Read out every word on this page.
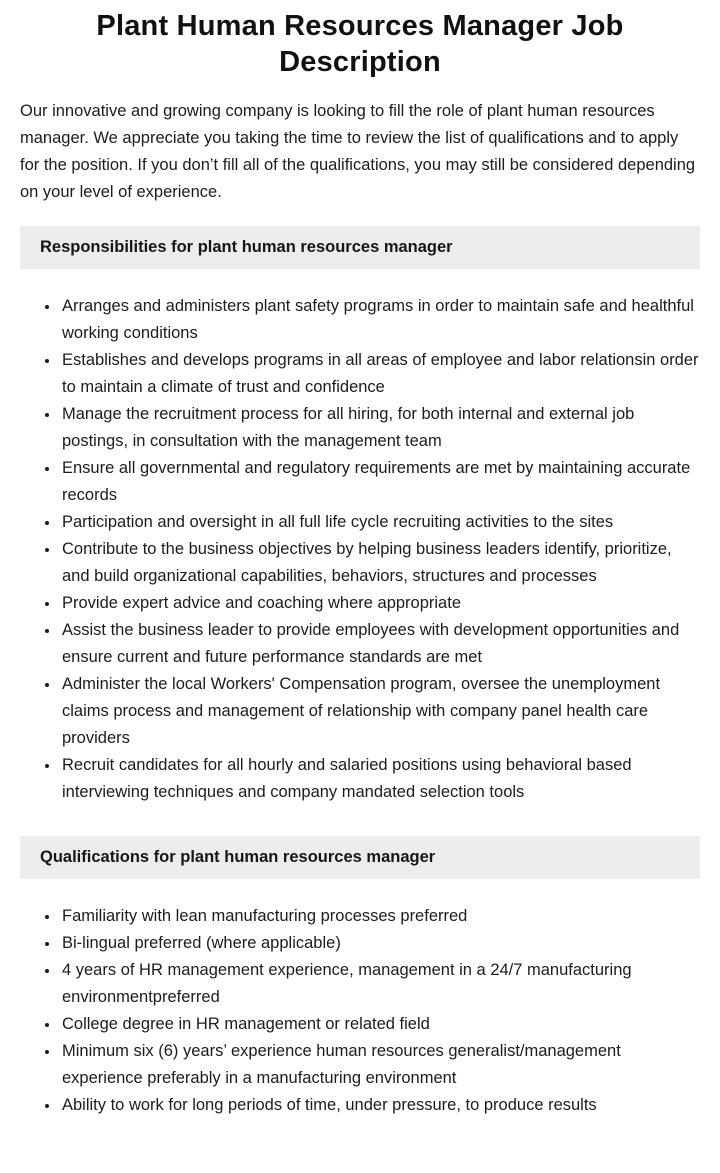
Plant Human Resources Manager Job Description

Our innovative and growing company is looking to fill the role of plant human resources manager. We appreciate you taking the time to review the list of qualifications and to apply for the position. If you don’t fill all of the qualifications, you may still be considered depending on your level of experience.

Responsibilities for plant human resources manager
• Arranges and administers plant safety programs in order to maintain safe and healthful working conditions
• Establishes and develops programs in all areas of employee and labor relationsin order to maintain a climate of trust and confidence
• Manage the recruitment process for all hiring, for both internal and external job postings, in consultation with the management team
• Ensure all governmental and regulatory requirements are met by maintaining accurate records
• Participation and oversight in all full life cycle recruiting activities to the sites
• Contribute to the business objectives by helping business leaders identify, prioritize, and build organizational capabilities, behaviors, structures and processes
• Provide expert advice and coaching where appropriate
• Assist the business leader to provide employees with development opportunities and ensure current and future performance standards are met
• Administer the local Workers' Compensation program, oversee the unemployment claims process and management of relationship with company panel health care providers
• Recruit candidates for all hourly and salaried positions using behavioral based interviewing techniques and company mandated selection tools
Qualifications for plant human resources manager
• Familiarity with lean manufacturing processes preferred
• Bi-lingual preferred (where applicable)
• 4 years of HR management experience, management in a 24/7 manufacturing environmentpreferred
• College degree in HR management or related field
• Minimum six (6) years’ experience human resources generalist/management experience preferably in a manufacturing environment
• Ability to work for long periods of time, under pressure, to produce results
